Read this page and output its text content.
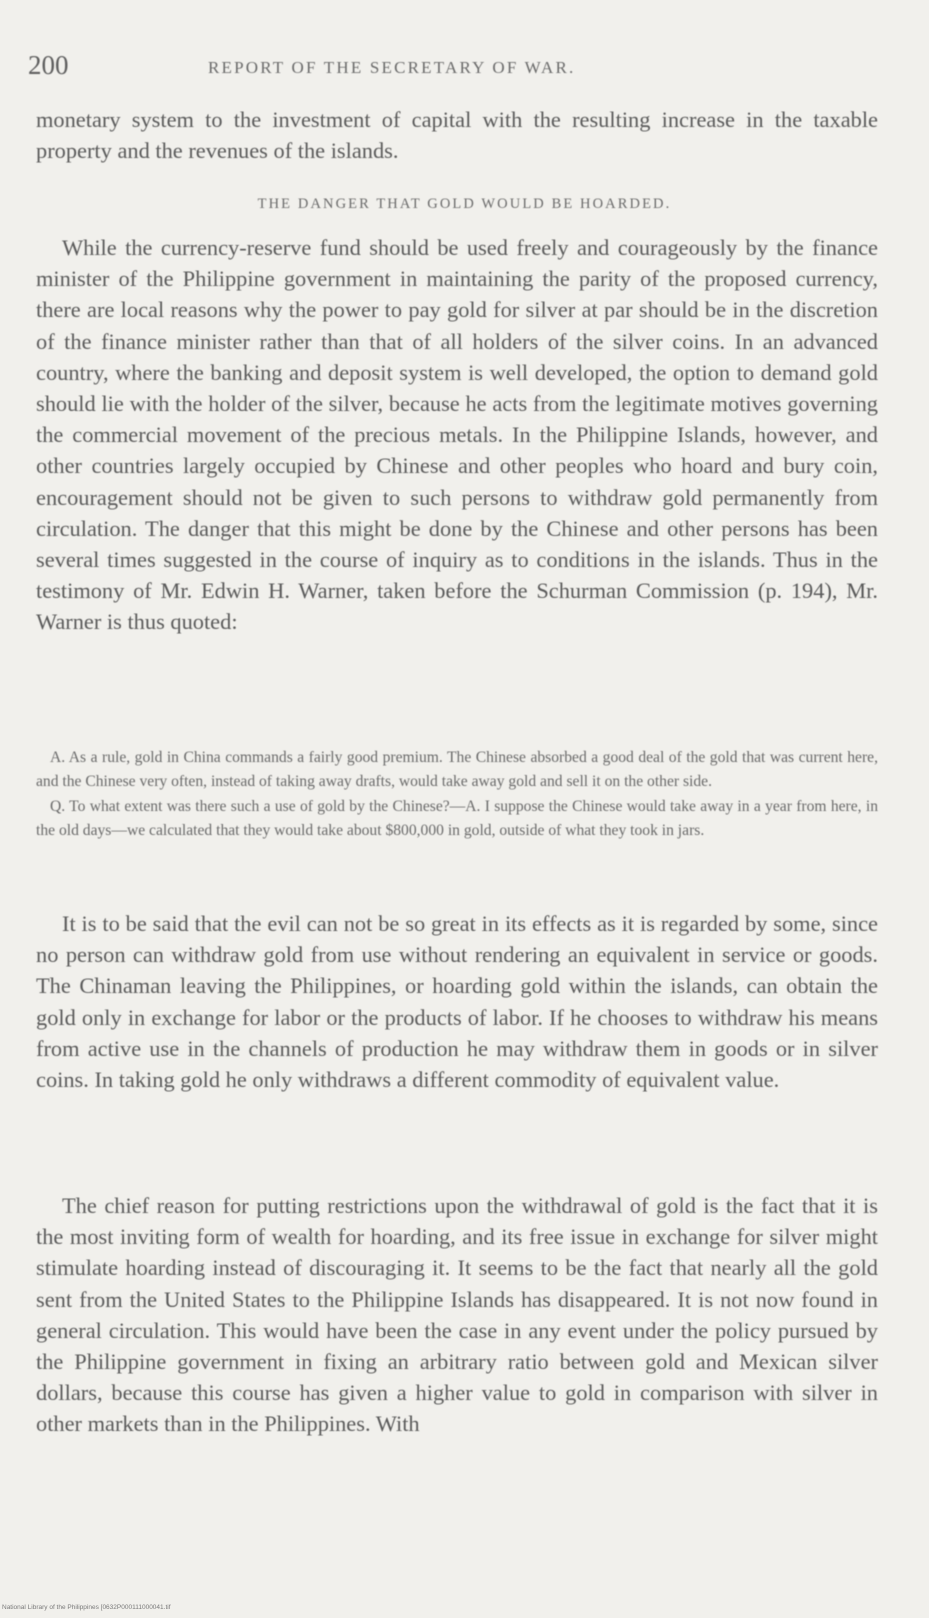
200	REPORT OF THE SECRETARY OF WAR.

monetary system to the investment of capital with the resulting increase in the taxable property and the revenues of the islands.

THE DANGER THAT GOLD WOULD BE HOARDED.

While the currency-reserve fund should be used freely and courageously by the finance minister of the Philippine government in maintaining the parity of the proposed currency, there are local reasons why the power to pay gold for silver at par should be in the discretion of the finance minister rather than that of all holders of the silver coins. In an advanced country, where the banking and deposit system is well developed, the option to demand gold should lie with the holder of the silver, because he acts from the legitimate motives governing the commercial movement of the precious metals. In the Philippine Islands, however, and other countries largely occupied by Chinese and other peoples who hoard and bury coin, encouragement should not be given to such persons to withdraw gold permanently from circulation. The danger that this might be done by the Chinese and other persons has been several times suggested in the course of inquiry as to conditions in the islands. Thus in the testimony of Mr. Edwin H. Warner, taken before the Schurman Commission (p. 194), Mr. Warner is thus quoted:

A. As a rule, gold in China commands a fairly good premium. The Chinese absorbed a good deal of the gold that was current here, and the Chinese very often, instead of taking away drafts, would take away gold and sell it on the other side.

Q. To what extent was there such a use of gold by the Chinese?—A. I suppose the Chinese would take away in a year from here, in the old days—we calculated that they would take about $800,000 in gold, outside of what they took in jars.

It is to be said that the evil can not be so great in its effects as it is regarded by some, since no person can withdraw gold from use without rendering an equivalent in service or goods. The Chinaman leaving the Philippines, or hoarding gold within the islands, can obtain the gold only in exchange for labor or the products of labor. If he chooses to withdraw his means from active use in the channels of production he may withdraw them in goods or in silver coins. In taking gold he only withdraws a different commodity of equivalent value.

The chief reason for putting restrictions upon the withdrawal of gold is the fact that it is the most inviting form of wealth for hoarding, and its free issue in exchange for silver might stimulate hoarding instead of discouraging it. It seems to be the fact that nearly all the gold sent from the United States to the Philippine Islands has disappeared. It is not now found in general circulation. This would have been the case in any event under the policy pursued by the Philippine government in fixing an arbitrary ratio between gold and Mexican silver dollars, because this course has given a higher value to gold in comparison with silver in other markets than in the Philippines. With

National Library of the Philippines [0632P000111000041.tif
